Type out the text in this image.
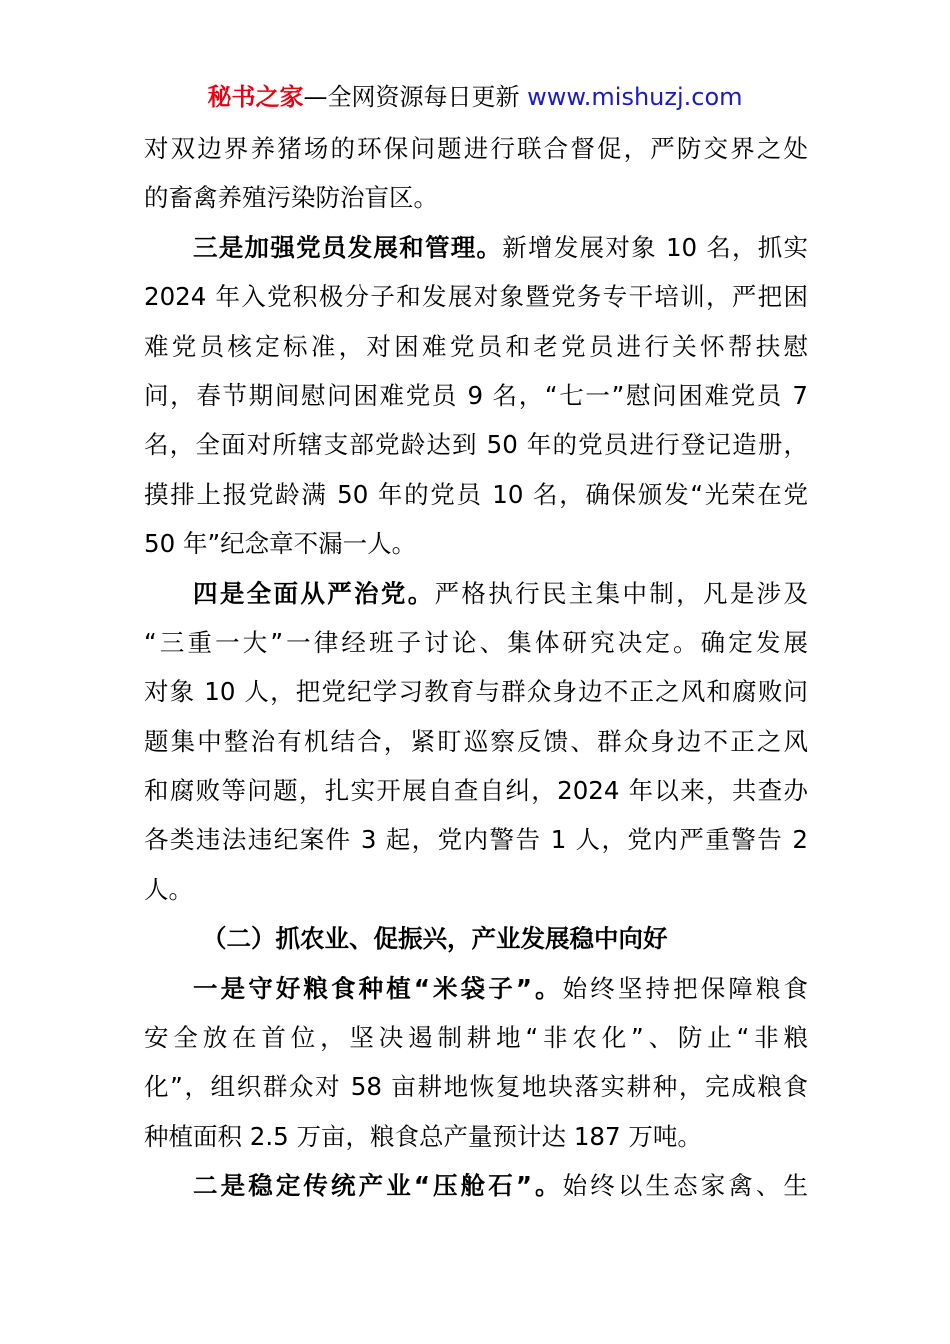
秘书之家—全网资源每日更新 www.mishuzj.com
对双边界养猪场的环保问题进行联合督促，严防交界之处
的畜禽养殖污染防治盲区。
三是加强党员发展和管理。新增发展对象 10 名，抓实
2024 年入党积极分子和发展对象暨党务专干培训，严把困
难党员核定标准，对困难党员和老党员进行关怀帮扶慰
问，春节期间慰问困难党员 9 名，“七一”慰问困难党员 7
名，全面对所辖支部党龄达到 50 年的党员进行登记造册，
摸排上报党龄满 50 年的党员 10 名，确保颁发“光荣在党
50 年”纪念章不漏一人。
四是全面从严治党。严格执行民主集中制，凡是涉及
“三重一大”一律经班子讨论、集体研究决定。确定发展
对象 10 人，把党纪学习教育与群众身边不正之风和腐败问
题集中整治有机结合，紧盯巡察反馈、群众身边不正之风
和腐败等问题，扎实开展自查自纠，2024 年以来，共查办
各类违法违纪案件 3 起，党内警告 1 人，党内严重警告 2
人。
（二）抓农业、促振兴，产业发展稳中向好
一是守好粮食种植“米袋子”。始终坚持把保障粮食
安全放在首位，坚决遏制耕地“非农化”、防止“非粮
化”，组织群众对 58 亩耕地恢复地块落实耕种，完成粮食
种植面积 2.5 万亩，粮食总产量预计达 187 万吨。
二是稳定传统产业“压舱石”。始终以生态家禽、生
